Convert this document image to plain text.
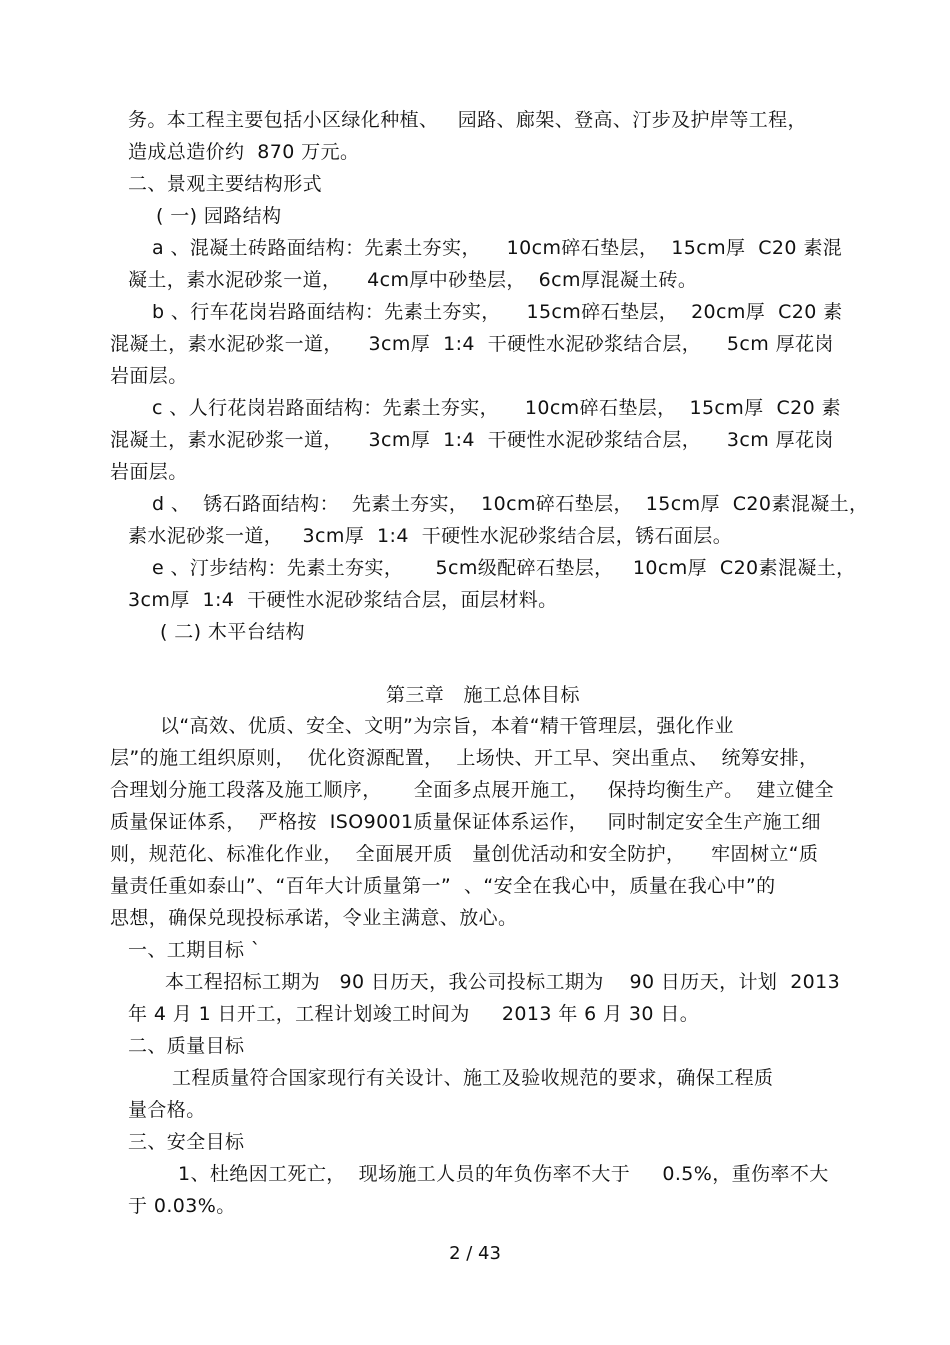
务。本工程主要包括小区绿化种植、   园路、廊架、登高、汀步及护岸等工程，
造成总造价约  870 万元。
二、景观主要结构形式
( 一) 园路结构
a 、混凝土砖路面结构：先素土夯实，    10cm碎石垫层，  15cm厚  C20 素混
凝土，素水泥砂浆一道，    4cm厚中砂垫层，  6cm厚混凝土砖。
b 、行车花岗岩路面结构：先素土夯实，    15cm碎石垫层，  20cm厚  C20 素
混凝土，素水泥砂浆一道，    3cm厚  1:4  干硬性水泥砂浆结合层，    5cm 厚花岗
岩面层。
c 、人行花岗岩路面结构：先素土夯实，    10cm碎石垫层，  15cm厚  C20 素
混凝土，素水泥砂浆一道，    3cm厚  1:4  干硬性水泥砂浆结合层，    3cm 厚花岗
岩面层。
d 、  锈石路面结构：  先素土夯实，  10cm碎石垫层，  15cm厚  C20素混凝土，
素水泥砂浆一道，   3cm厚  1:4  干硬性水泥砂浆结合层，锈石面层。
e 、汀步结构：先素土夯实，     5cm级配碎石垫层，   10cm厚  C20素混凝土，
3cm厚  1:4  干硬性水泥砂浆结合层，面层材料。
( 二) 木平台结构
第三章   施工总体目标
以“高效、优质、安全、文明”为宗旨，本着“精干管理层，强化作业
层”的施工组织原则，  优化资源配置，  上场快、开工早、突出重点、  统筹安排，
合理划分施工段落及施工顺序，     全面多点展开施工，   保持均衡生产。  建立健全
质量保证体系，  严格按  ISO9001质量保证体系运作，   同时制定安全生产施工细
则，规范化、标准化作业，  全面展开质   量创优活动和安全防护，    牢固树立“质
量责任重如泰山”、“百年大计质量第一”  、“安全在我心中，质量在我心中”的
思想，确保兑现投标承诺，令业主满意、放心。
一、工期目标 `
本工程招标工期为   90 日历天，我公司投标工期为    90 日历天，计划  2013
年 4 月 1 日开工，工程计划竣工时间为     2013 年 6 月 30 日。
二、质量目标
工程质量符合国家现行有关设计、施工及验收规范的要求，确保工程质
量合格。
三、安全目标
1、杜绝因工死亡，  现场施工人员的年负伤率不大于     0.5%，重伤率不大
于 0.03%。
2 / 43
